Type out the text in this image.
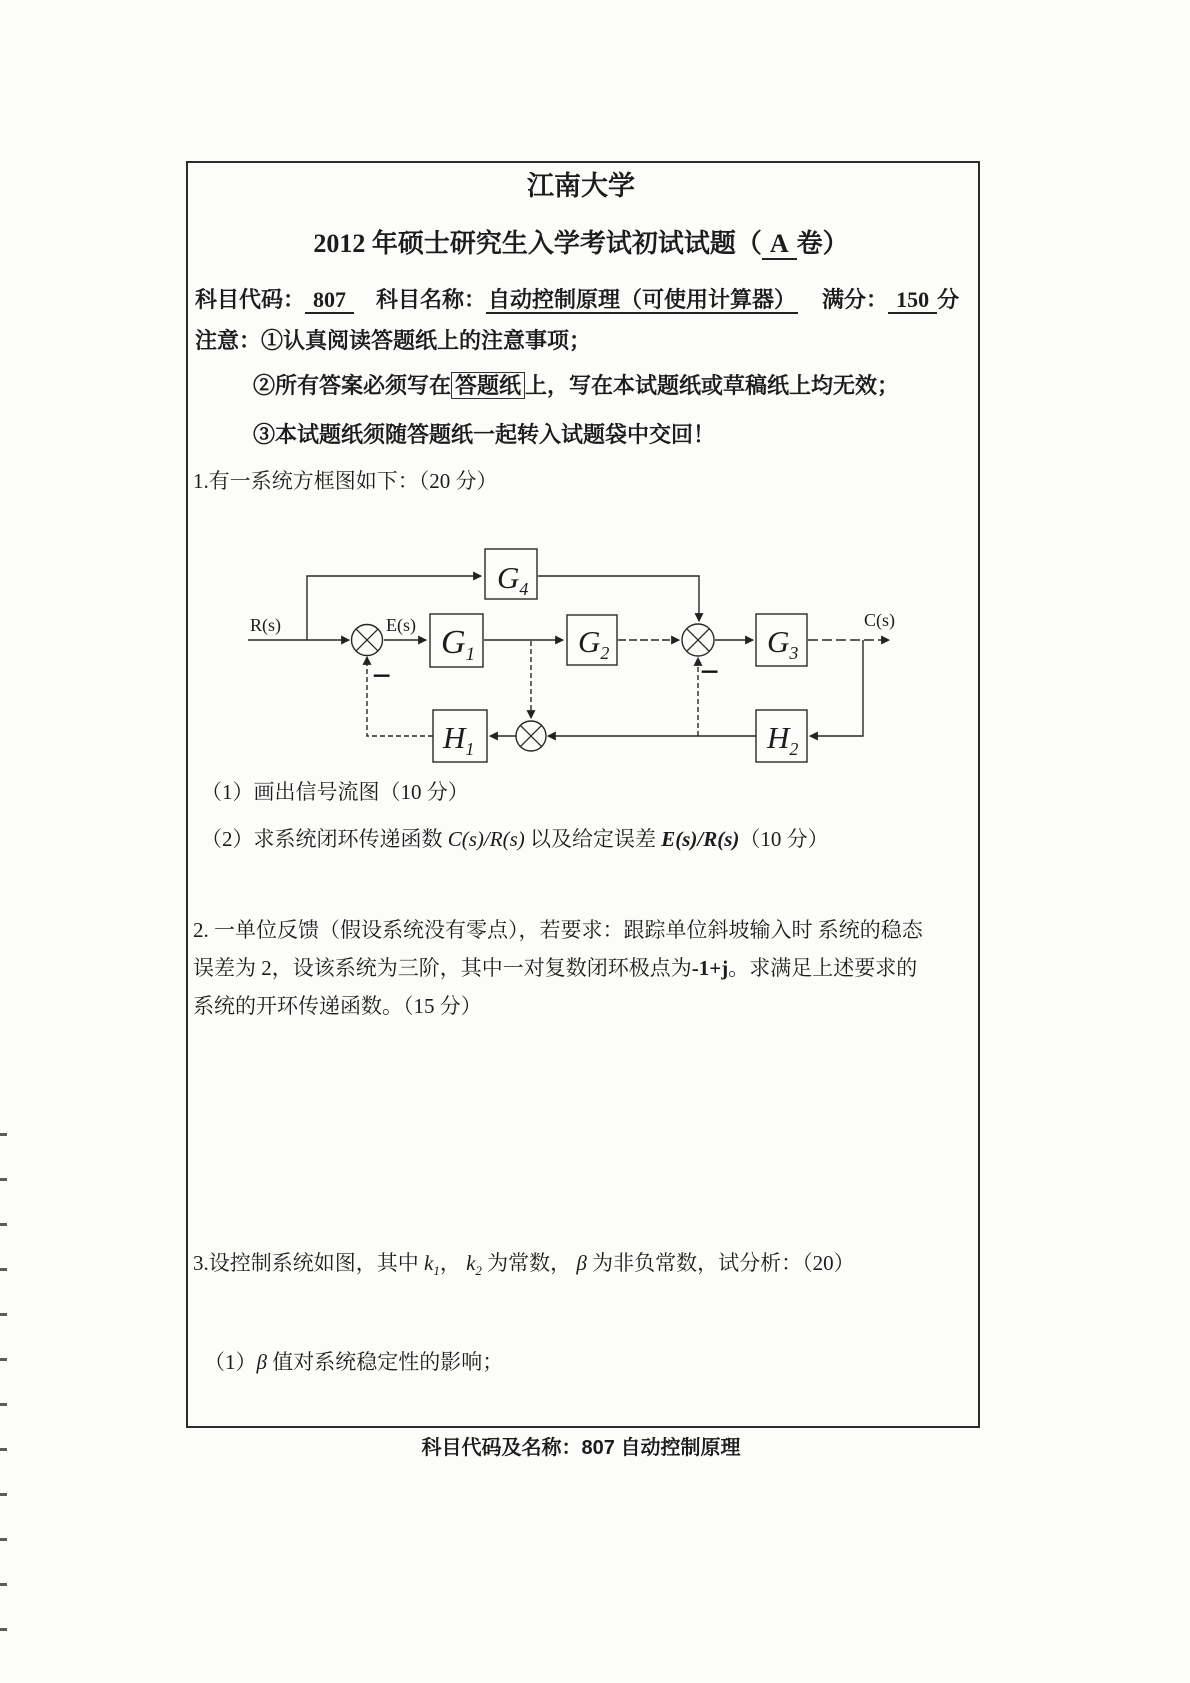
江南大学
2012 年硕士研究生入学考试初试试题（ A 卷）
科目代码： 807 科目名称：自动控制原理（可使用计算器） 满分： 150 分
注意：①认真阅读答题纸上的注意事项；
②所有答案必须写在 答题纸 上，写在本试题纸或草稿纸上均无效；
③本试题纸须随答题纸一起转入试题袋中交回！
1.有一系统方框图如下：（20 分）
$G_1$
$G_4$
$G_2$	$G_3$
$H_1$	$H_2$
R(s)	E(s)	C(s)
−	−
（1）画出信号流图（10 分）
（2）求系统闭环传递函数 C(s)/R(s) 以及给定误差 E(s)/R(s)（10 分）
2. 一单位反馈（假设系统没有零点），若要求：跟踪单位斜坡输入时 系统的稳态
误差为 2，设该系统为三阶，其中一对复数闭环极点为-1+j。求满足上述要求的
系统的开环传递函数。（15 分）
3.设控制系统如图，其中 $k_1$， $k_2$ 为常数， β 为非负常数，试分析：（20）
（1）β 值对系统稳定性的影响；
科目代码及名称：807 自动控制原理
